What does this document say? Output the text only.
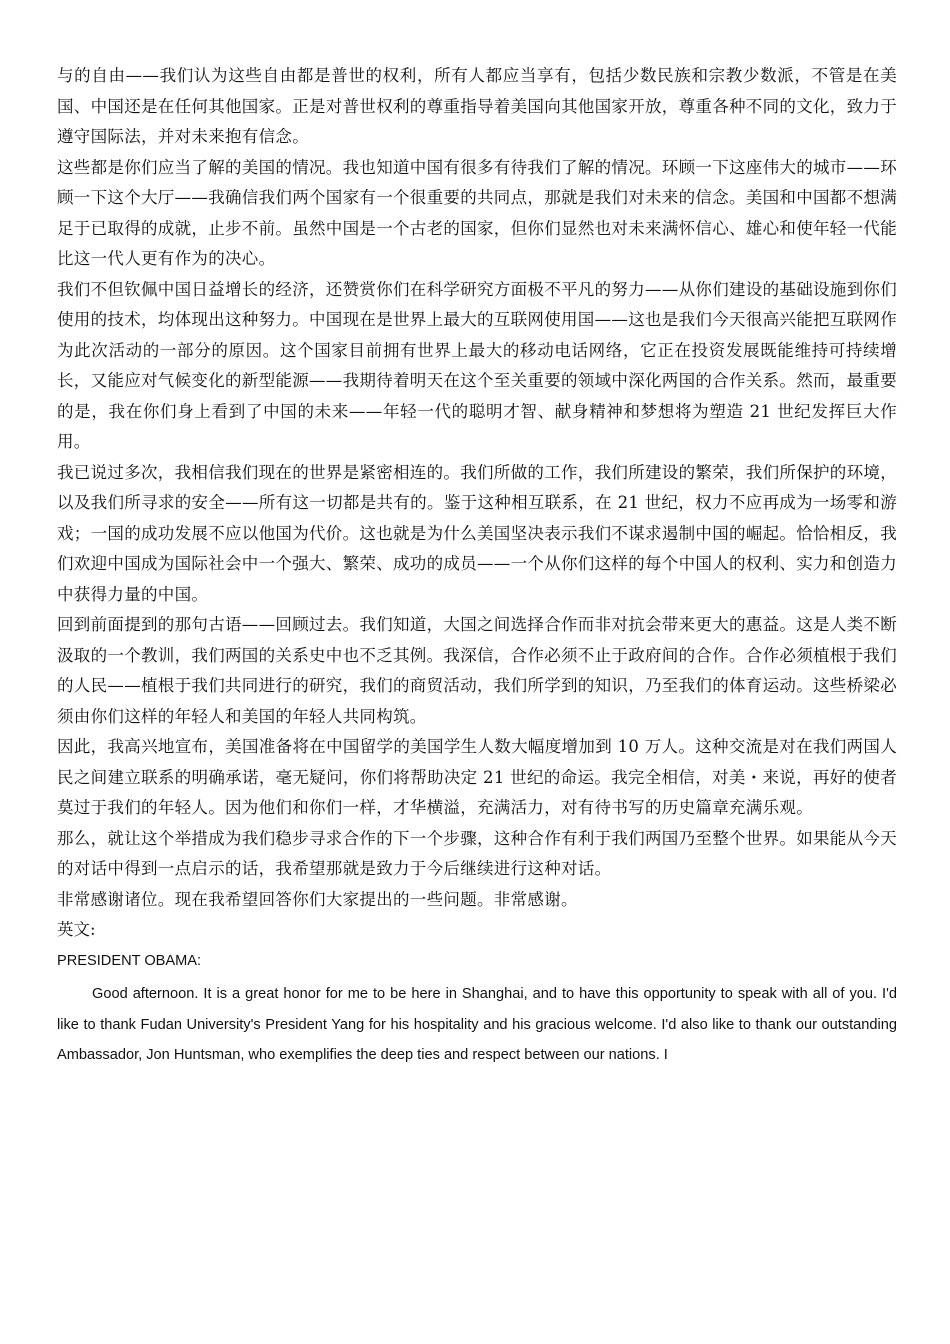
与的自由——我们认为这些自由都是普世的权利，所有人都应当享有，包括少数民族和宗教少数派，不管是在美国、中国还是在任何其他国家。正是对普世权利的尊重指导着美国向其他国家开放，尊重各种不同的文化，致力于遵守国际法，并对未来抱有信念。

这些都是你们应当了解的美国的情况。我也知道中国有很多有待我们了解的情况。环顾一下这座伟大的城市——环顾一下这个大厅——我确信我们两个国家有一个很重要的共同点，那就是我们对未来的信念。美国和中国都不想满足于已取得的成就，止步不前。虽然中国是一个古老的国家，但你们显然也对未来满怀信心、雄心和使年轻一代能比这一代人更有作为的决心。

我们不但钦佩中国日益增长的经济，还赞赏你们在科学研究方面极不平凡的努力——从你们建设的基础设施到你们使用的技术，均体现出这种努力。中国现在是世界上最大的互联网使用国——这也是我们今天很高兴能把互联网作为此次活动的一部分的原因。这个国家目前拥有世界上最大的移动电话网络，它正在投资发展既能维持可持续增长，又能应对气候变化的新型能源——我期待着明天在这个至关重要的领域中深化两国的合作关系。然而，最重要的是，我在你们身上看到了中国的未来——年轻一代的聪明才智、献身精神和梦想将为塑造 21 世纪发挥巨大作用。

我已说过多次，我相信我们现在的世界是紧密相连的。我们所做的工作，我们所建设的繁荣，我们所保护的环境，以及我们所寻求的安全——所有这一切都是共有的。鉴于这种相互联系，在 21 世纪，权力不应再成为一场零和游戏；一国的成功发展不应以他国为代价。这也就是为什么美国坚决表示我们不谋求遏制中国的崛起。恰恰相反，我们欢迎中国成为国际社会中一个强大、繁荣、成功的成员——一个从你们这样的每个中国人的权利、实力和创造力中获得力量的中国。

回到前面提到的那句古语——回顾过去。我们知道，大国之间选择合作而非对抗会带来更大的惠益。这是人类不断汲取的一个教训，我们两国的关系史中也不乏其例。我深信，合作必须不止于政府间的合作。合作必须植根于我们的人民——植根于我们共同进行的研究，我们的商贸活动，我们所学到的知识，乃至我们的体育运动。这些桥梁必须由你们这样的年轻人和美国的年轻人共同构筑。

因此，我高兴地宣布，美国准备将在中国留学的美国学生人数大幅度增加到 10 万人。这种交流是对在我们两国人民之间建立联系的明确承诺，毫无疑问，你们将帮助决定 21 世纪的命运。我完全相信，对美・来说，再好的使者莫过于我们的年轻人。因为他们和你们一样，才华横溢，充满活力，对有待书写的历史篇章充满乐观。

那么，就让这个举措成为我们稳步寻求合作的下一个步骤，这种合作有利于我们两国乃至整个世界。如果能从今天的对话中得到一点启示的话，我希望那就是致力于今后继续进行这种对话。

非常感谢诸位。现在我希望回答你们大家提出的一些问题。非常感谢。

英文:

PRESIDENT OBAMA:

Good afternoon. It is a great honor for me to be here in Shanghai, and to have this opportunity to speak with all of you. I'd like to thank Fudan University's President Yang for his hospitality and his gracious welcome. I'd also like to thank our outstanding Ambassador, Jon Huntsman, who exemplifies the deep ties and respect between our nations. I
